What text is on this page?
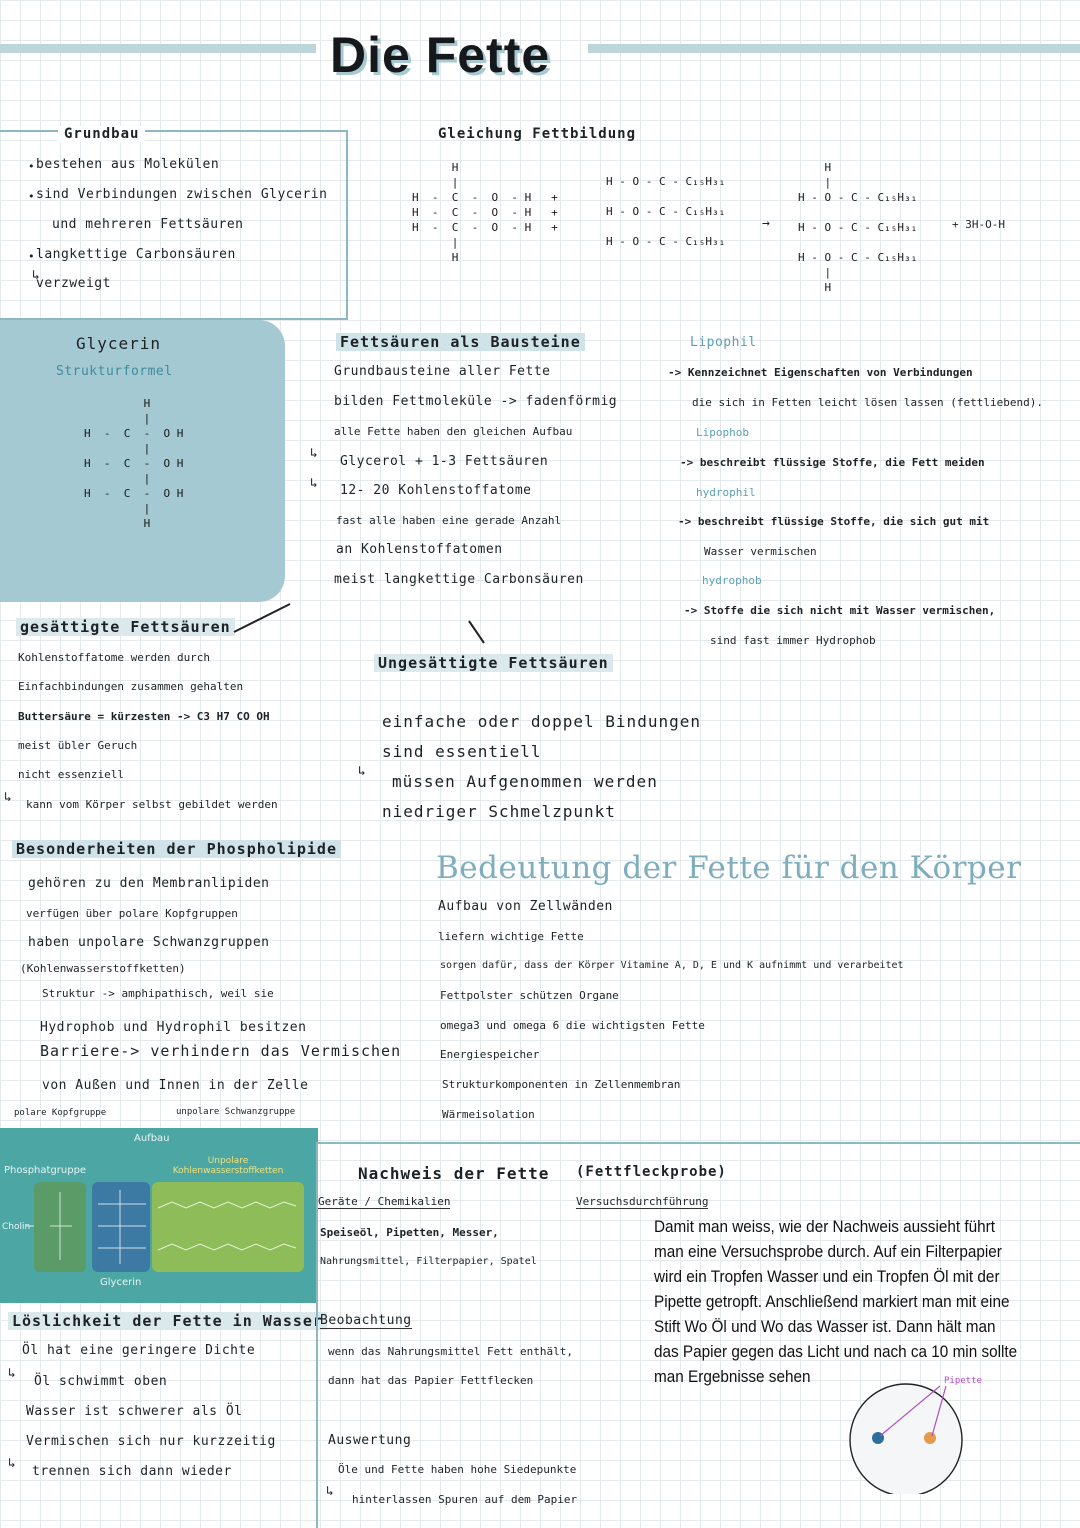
Die Fette
Grundbau
bestehen aus Molekülen
sind Verbindungen zwischen Glycerin
und mehreren Fettsäuren
langkettige Carbonsäuren
verzweigt
•
•
•
↳
Gleichung Fettbildung
H
|
H  -  C  -  O  - H   +
H  -  C  -  O  - H   +
H  -  C  -  O  - H   +
|
H
H - O - C - C₁₅H₃₁

H - O - C - C₁₅H₃₁

H - O - C - C₁₅H₃₁
→
H
|
H - O - C - C₁₅H₃₁

H - O - C - C₁₅H₃₁

H - O - C - C₁₅H₃₁
|
H
+ 3H-O-H
Glycerin
Strukturformel
H
|
H  -  C  -  O H
|
H  -  C  -  O H
|
H  -  C  -  O H
|
H
Fettsäuren als Bausteine
Grundbausteine aller Fette
bilden Fettmoleküle -> fadenförmig
alle Fette haben den gleichen Aufbau
Glycerol + 1-3 Fettsäuren
12- 20 Kohlenstoffatome
fast alle haben eine gerade Anzahl
an Kohlenstoffatomen
meist langkettige Carbonsäuren
↳
↳
Lipophil
-> Kennzeichnet Eigenschaften von Verbindungen
die sich in Fetten leicht lösen lassen (fettliebend).
Lipophob
-> beschreibt flüssige Stoffe, die Fett meiden
hydrophil
-> beschreibt flüssige Stoffe, die sich gut mit
Wasser vermischen
hydrophob
-> Stoffe die sich nicht mit Wasser vermischen,
sind fast immer Hydrophob
gesättigte Fettsäuren
Kohlenstoffatome werden durch
Einfachbindungen zusammen gehalten
Buttersäure = kürzesten -> C3 H7 CO OH
meist übler Geruch
nicht essenziell
kann vom Körper selbst gebildet werden
↳
Ungesättigte Fettsäuren
einfache oder doppel Bindungen
sind essentiell
müssen Aufgenommen werden
niedriger Schmelzpunkt
↳
Besonderheiten der Phospholipide
gehören zu den Membranlipiden
verfügen über polare Kopfgruppen
haben unpolare Schwanzgruppen
(Kohlenwasserstoffketten)
Struktur -> amphipathisch, weil sie
Hydrophob und Hydrophil besitzen
Barriere-> verhindern das Vermischen
von Außen und Innen in der Zelle
polare Kopfgruppe	unpolare Schwanzgruppe
Aufbau
Phosphatgruppe
Unpolare Kohlenwasserstoffketten
Cholin
Glycerin
Bedeutung der Fette für den Körper
Aufbau von Zellwänden
liefern wichtige Fette
sorgen dafür, dass der Körper Vitamine A, D, E und K aufnimmt und verarbeitet
Fettpolster schützen Organe
omega3 und omega 6 die wichtigsten Fette
Energiespeicher
Strukturkomponenten in Zellenmembran
Wärmeisolation
Löslichkeit der Fette in Wasser
Öl hat eine geringere Dichte
Öl schwimmt oben
Wasser ist schwerer als Öl
Vermischen sich nur kurzzeitig
trennen sich dann wieder
↳
↳
Nachweis der Fette (Fettfleckprobe)
Geräte / Chemikalien
Speiseöl, Pipetten, Messer,
Nahrungsmittel, Filterpapier, Spatel
Versuchsdurchführung
Damit man weiss, wie der Nachweis aussieht führt man eine Versuchsprobe durch. Auf ein Filterpapier wird ein Tropfen Wasser und ein Tropfen Öl mit der Pipette getropft. Anschließend markiert man mit eine Stift Wo Öl und Wo das Wasser ist. Dann hält man das Papier gegen das Licht und nach ca 10 min sollte man Ergebnisse sehen
Beobachtung
wenn das Nahrungsmittel Fett enthält,
dann hat das Papier Fettflecken
Auswertung
Öle und Fette haben hohe Siedepunkte
hinterlassen Spuren auf dem Papier
↳
Pipette
